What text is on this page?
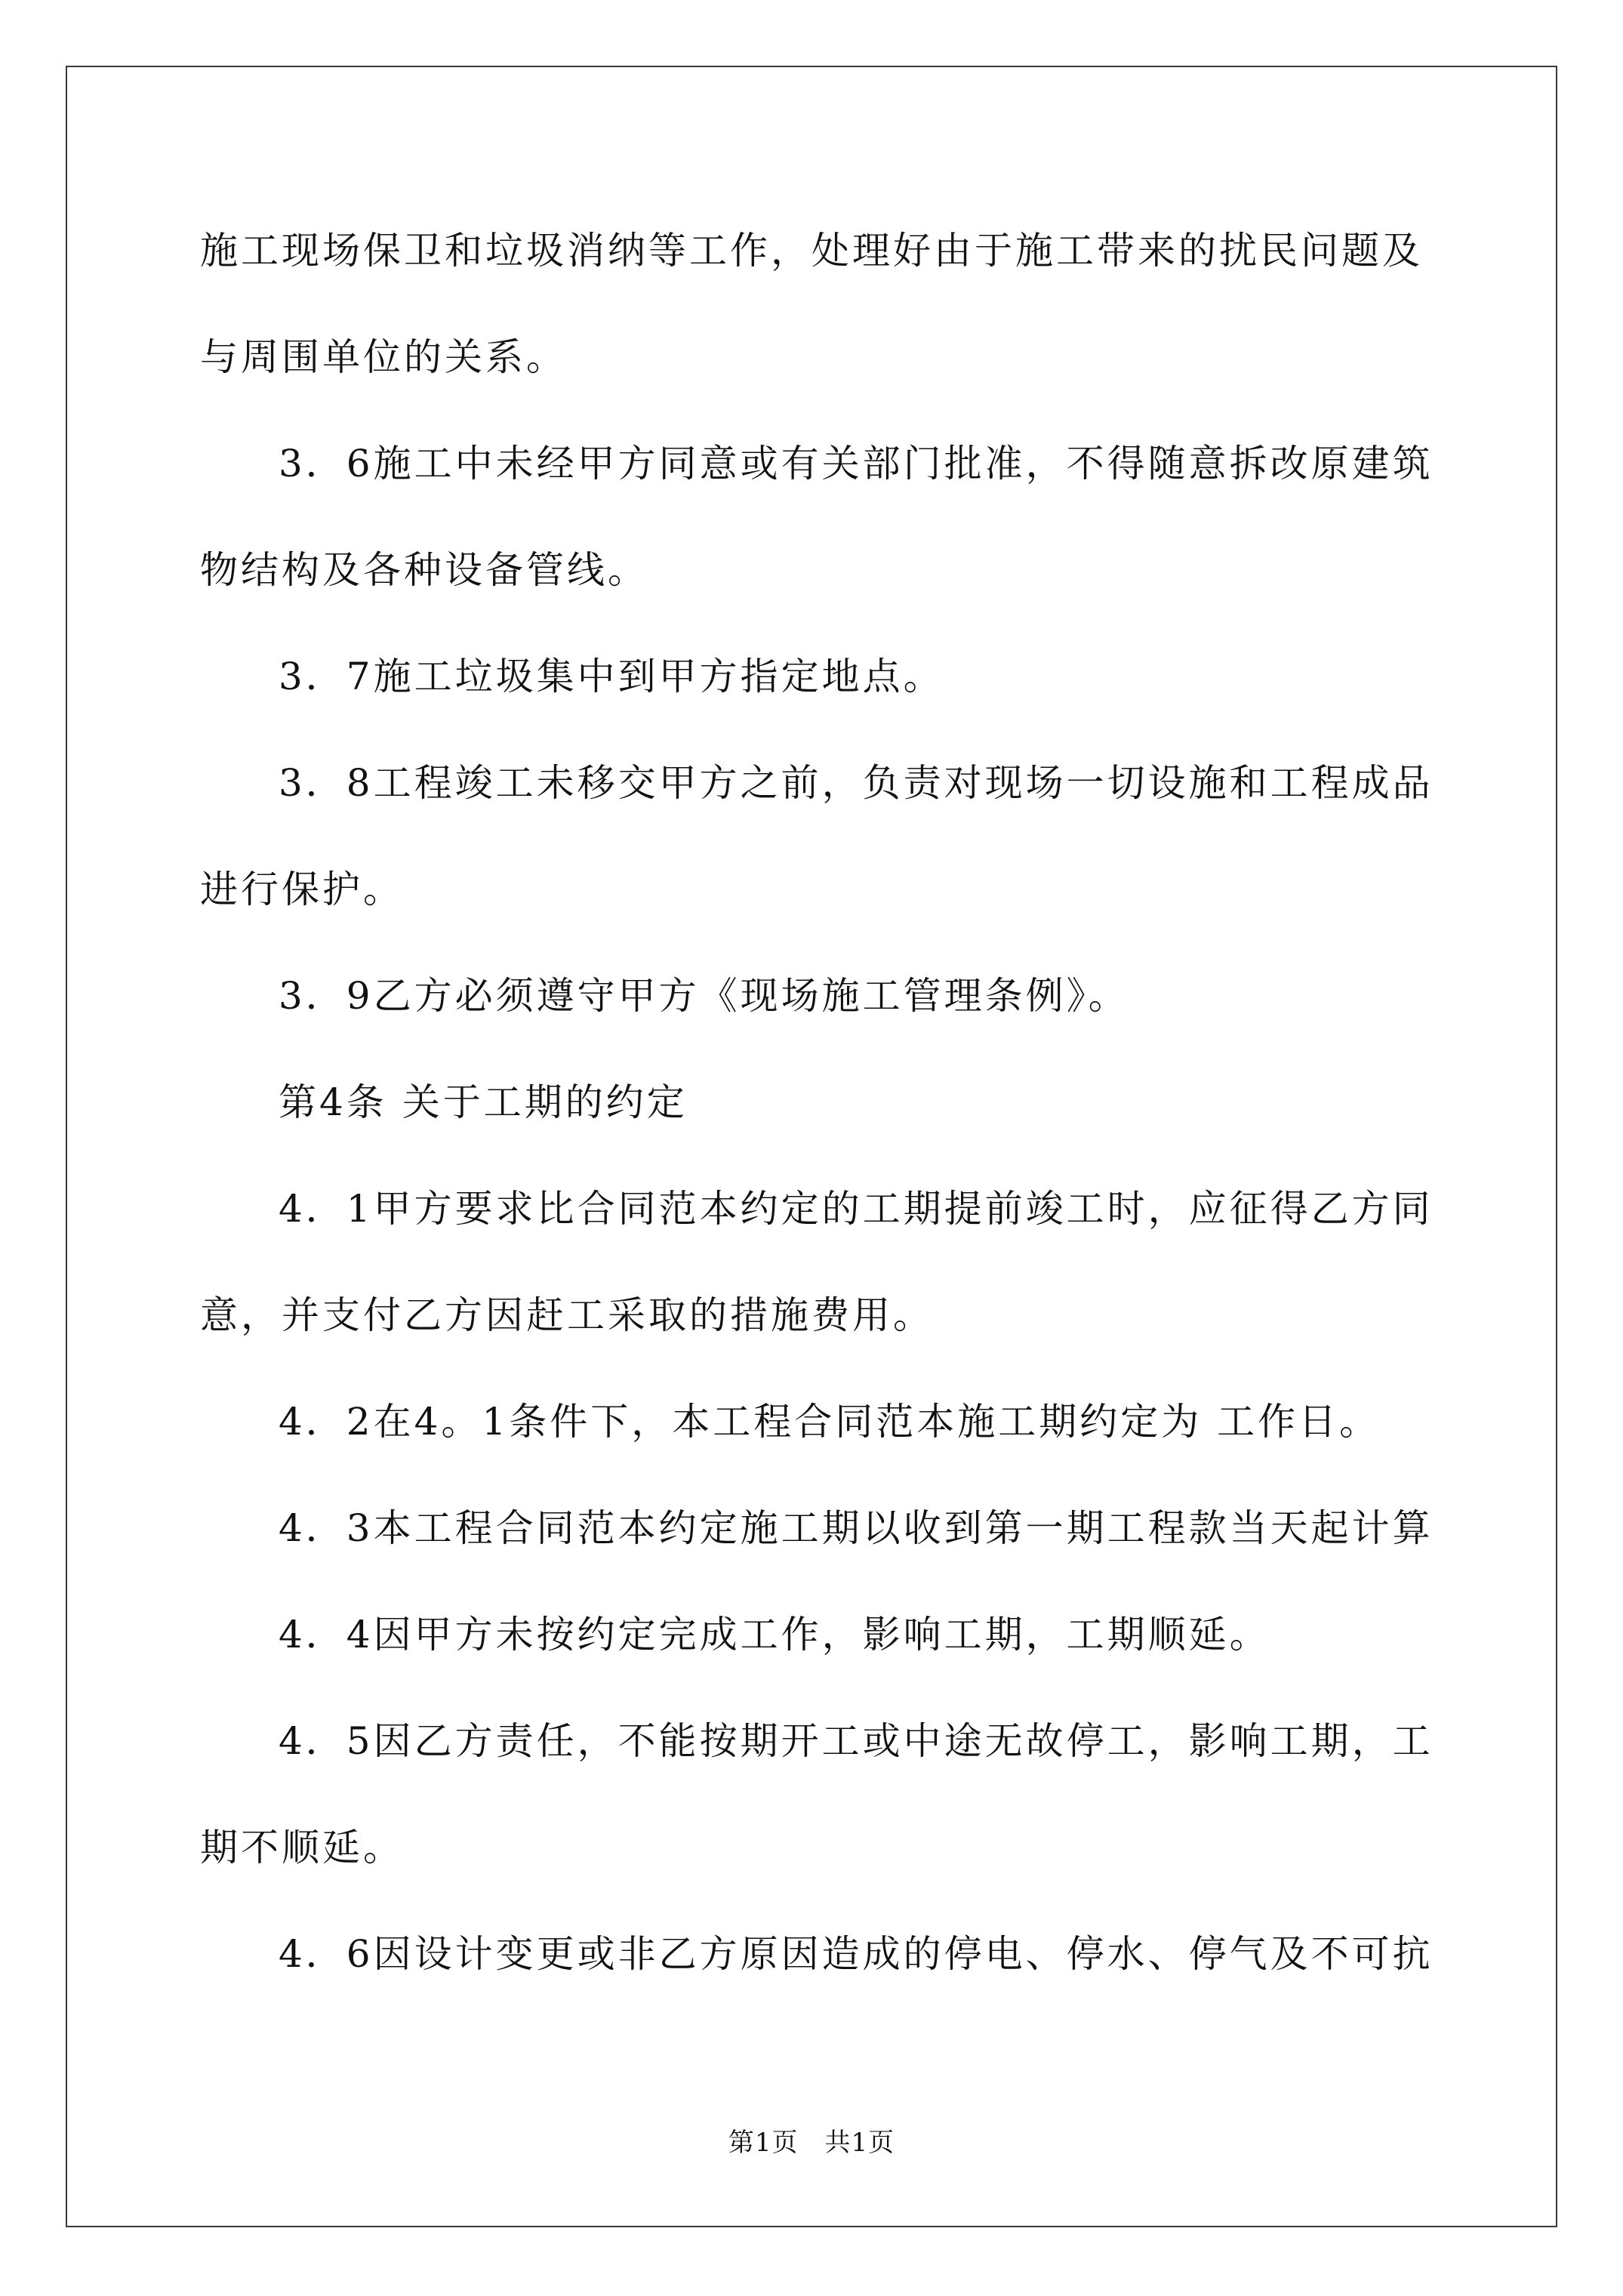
施工现场保卫和垃圾消纳等工作，处理好由于施工带来的扰民问题及
与周围单位的关系。
3．6施工中未经甲方同意或有关部门批准，不得随意拆改原建筑
物结构及各种设备管线。
3．7施工垃圾集中到甲方指定地点。
3．8工程竣工未移交甲方之前，负责对现场一切设施和工程成品
进行保护。
3．9乙方必须遵守甲方《现场施工管理条例》。
第4条 关于工期的约定
4．1甲方要求比合同范本约定的工期提前竣工时，应征得乙方同
意，并支付乙方因赶工采取的措施费用。
4．2在4。1条件下，本工程合同范本施工期约定为 工作日。
4．3本工程合同范本约定施工期以收到第一期工程款当天起计算
4．4因甲方未按约定完成工作，影响工期，工期顺延。
4．5因乙方责任，不能按期开工或中途无故停工，影响工期，工
期不顺延。
4．6因设计变更或非乙方原因造成的停电、停水、停气及不可抗
第1页　共1页
